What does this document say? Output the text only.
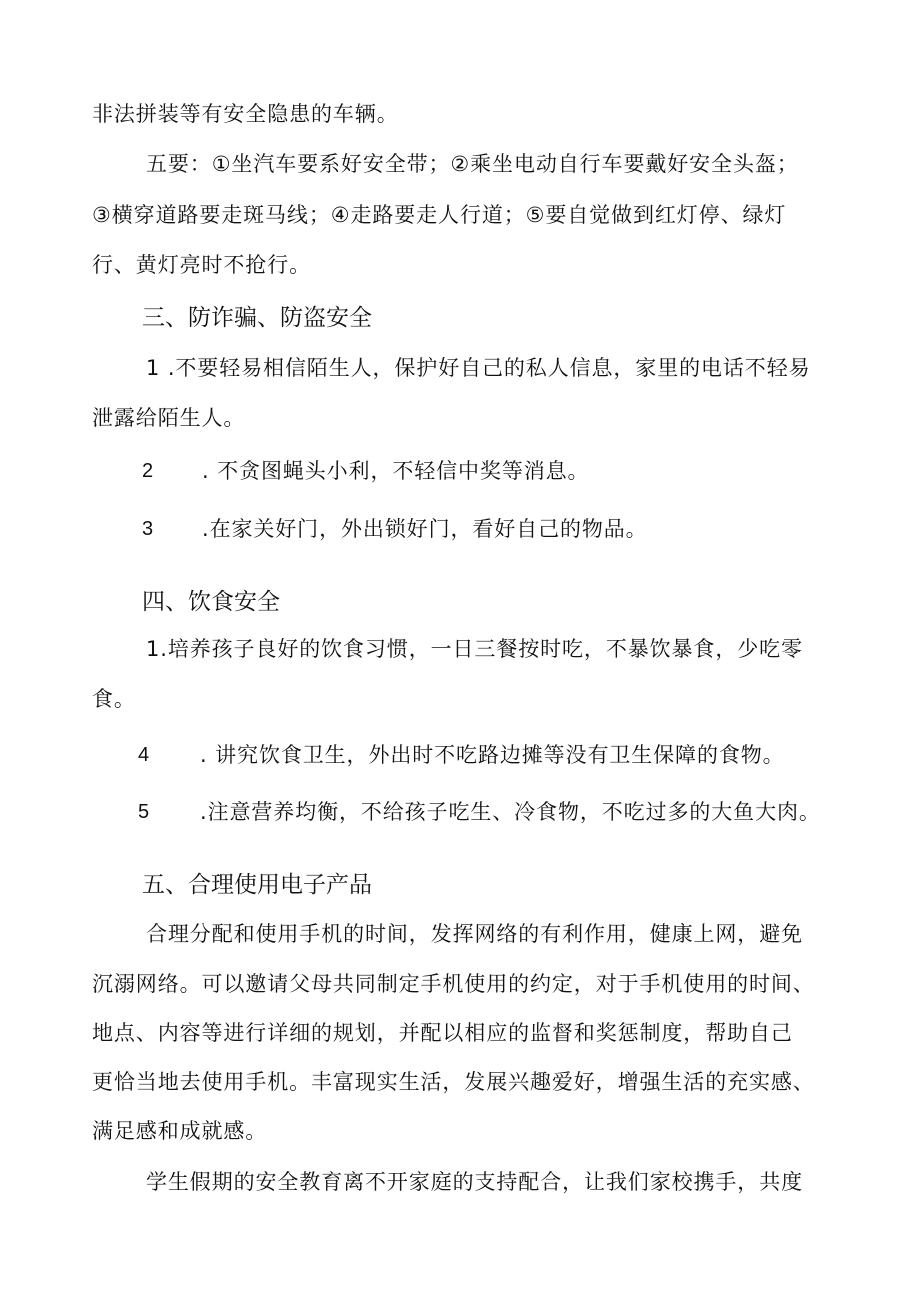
非法拼装等有安全隐患的车辆。
五要：①坐汽车要系好安全带；②乘坐电动自行车要戴好安全头盔；
③横穿道路要走斑马线；④走路要走人行道；⑤要自觉做到红灯停、绿灯
行、黄灯亮时不抢行。
三、防诈骗、防盗安全
1 .不要轻易相信陌生人，保护好自己的私人信息，家里的电话不轻易
泄露给陌生人。
2 . 不贪图蝇头小利，不轻信中奖等消息。
3 .在家关好门，外出锁好门，看好自己的物品。
四、饮食安全
1.培养孩子良好的饮食习惯，一日三餐按时吃，不暴饮暴食，少吃零
食。
4 . 讲究饮食卫生，外出时不吃路边摊等没有卫生保障的食物。
5 .注意营养均衡，不给孩子吃生、冷食物，不吃过多的大鱼大肉。
五、合理使用电子产品
合理分配和使用手机的时间，发挥网络的有利作用，健康上网，避免
沉溺网络。可以邀请父母共同制定手机使用的约定，对于手机使用的时间、
地点、内容等进行详细的规划，并配以相应的监督和奖惩制度，帮助自己
更恰当地去使用手机。丰富现实生活，发展兴趣爱好，增强生活的充实感、
满足感和成就感。
学生假期的安全教育离不开家庭的支持配合，让我们家校携手，共度
